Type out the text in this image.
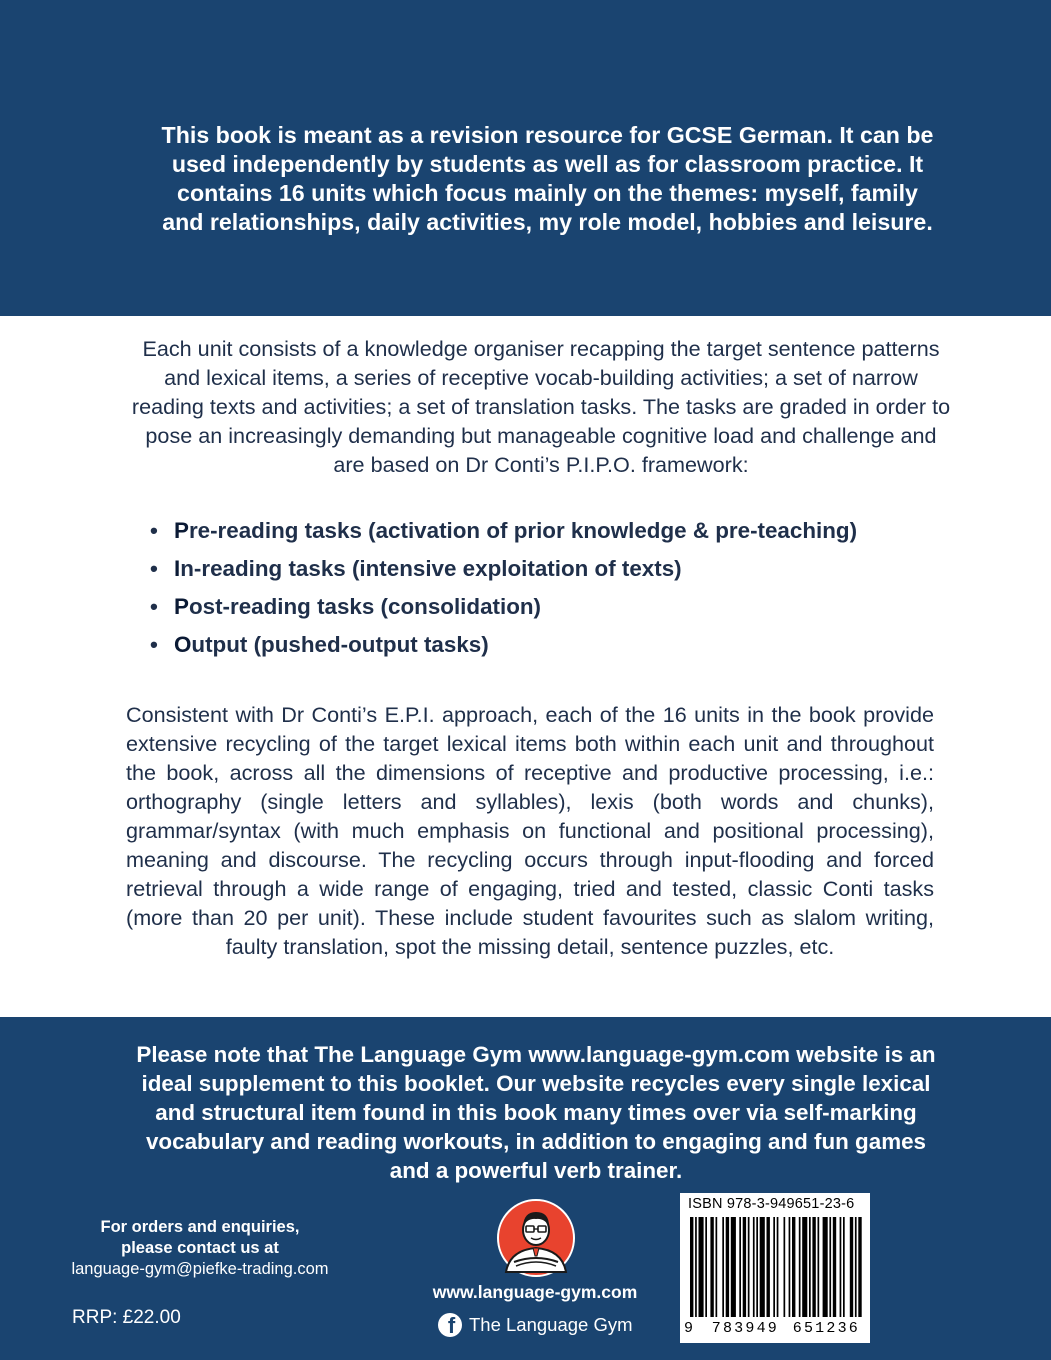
This book is meant as a revision resource for GCSE German. It can be used independently by students as well as for classroom practice. It contains 16 units which focus mainly on the themes: myself, family and relationships, daily activities, my role model, hobbies and leisure.

Each unit consists of a knowledge organiser recapping the target sentence patterns and lexical items, a series of receptive vocab-building activities; a set of narrow reading texts and activities; a set of translation tasks. The tasks are graded in order to pose an increasingly demanding but manageable cognitive load and challenge and are based on Dr Conti’s P.I.P.O. framework:

• Pre-reading tasks (activation of prior knowledge & pre-teaching)
• In-reading tasks (intensive exploitation of texts)
• Post-reading tasks (consolidation)
• Output (pushed-output tasks)

Consistent with Dr Conti’s E.P.I. approach, each of the 16 units in the book provide extensive recycling of the target lexical items both within each unit and throughout the book, across all the dimensions of receptive and productive processing, i.e.: orthography (single letters and syllables), lexis (both words and chunks), grammar/syntax (with much emphasis on functional and positional processing), meaning and discourse. The recycling occurs through input-flooding and forced retrieval through a wide range of engaging, tried and tested, classic Conti tasks (more than 20 per unit). These include student favourites such as slalom writing, faulty translation, spot the missing detail, sentence puzzles, etc.

Please note that The Language Gym www.language-gym.com website is an ideal supplement to this booklet. Our website recycles every single lexical and structural item found in this book many times over via self-marking vocabulary and reading workouts, in addition to engaging and fun games and a powerful verb trainer.

For orders and enquiries,
please contact us at
language-gym@piefke-trading.com
RRP: £22.00
www.language-gym.com
f The Language Gym
ISBN 978-3-949651-23-6
9	783949 651236
